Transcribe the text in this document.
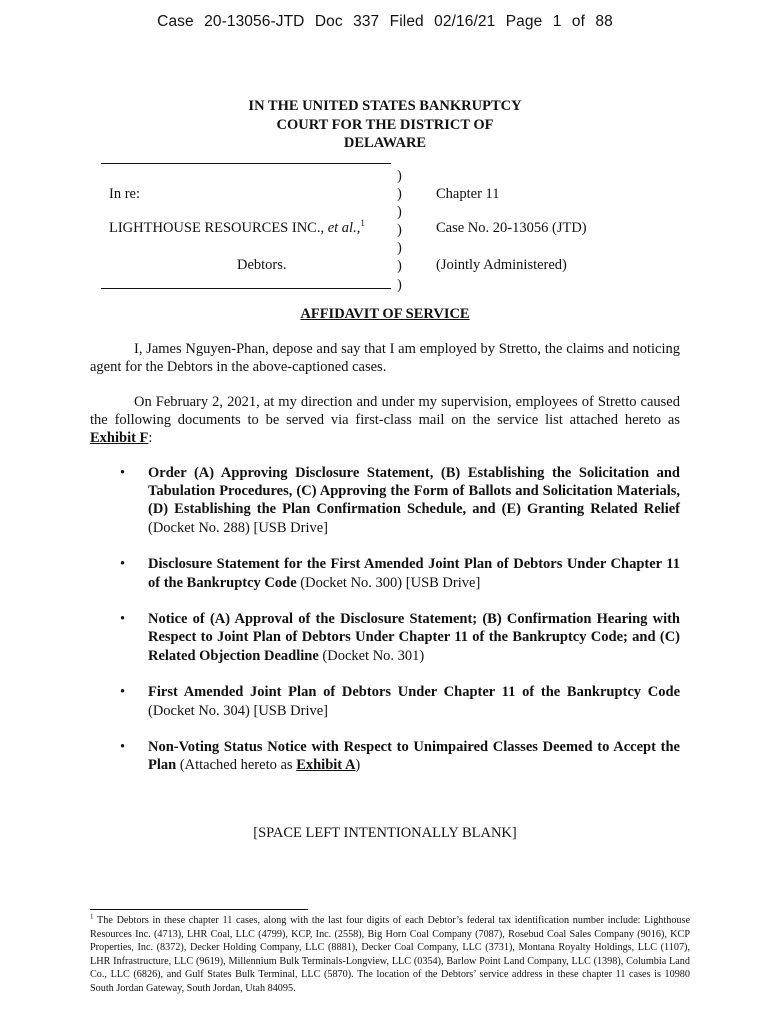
Case 20-13056-JTD Doc 337 Filed 02/16/21 Page 1 of 88
IN THE UNITED STATES BANKRUPTCY
COURT FOR THE DISTRICT OF
DELAWARE
)
)
)
)
)
)
)
In re:
LIGHTHOUSE RESOURCES INC., et al.,$^1$
Debtors.
Chapter 11
Case No. 20-13056 (JTD)
(Jointly Administered)
AFFIDAVIT OF SERVICE
I, James Nguyen-Phan, depose and say that I am employed by Stretto, the claims and noticing agent for the Debtors in the above-captioned cases.
On February 2, 2021, at my direction and under my supervision, employees of Stretto caused the following documents to be served via first-class mail on the service list attached hereto as Exhibit F:
• Order (A) Approving Disclosure Statement, (B) Establishing the Solicitation and Tabulation Procedures, (C) Approving the Form of Ballots and Solicitation Materials, (D) Establishing the Plan Confirmation Schedule, and (E) Granting Related Relief (Docket No. 288) [USB Drive]
• Disclosure Statement for the First Amended Joint Plan of Debtors Under Chapter 11 of the Bankruptcy Code (Docket No. 300) [USB Drive]
• Notice of (A) Approval of the Disclosure Statement; (B) Confirmation Hearing with Respect to Joint Plan of Debtors Under Chapter 11 of the Bankruptcy Code; and (C) Related Objection Deadline (Docket No. 301)
• First Amended Joint Plan of Debtors Under Chapter 11 of the Bankruptcy Code (Docket No. 304) [USB Drive]
• Non-Voting Status Notice with Respect to Unimpaired Classes Deemed to Accept the Plan (Attached hereto as Exhibit A)
[SPACE LEFT INTENTIONALLY BLANK]
$^1$ The Debtors in these chapter 11 cases, along with the last four digits of each Debtor’s federal tax identification number include: Lighthouse Resources Inc. (4713), LHR Coal, LLC (4799), KCP, Inc. (2558), Big Horn Coal Company (7087), Rosebud Coal Sales Company (9016), KCP Properties, Inc. (8372), Decker Holding Company, LLC (8881), Decker Coal Company, LLC (3731), Montana Royalty Holdings, LLC (1107), LHR Infrastructure, LLC (9619), Millennium Bulk Terminals-Longview, LLC (0354), Barlow Point Land Company, LLC (1398), Columbia Land Co., LLC (6826), and Gulf States Bulk Terminal, LLC (5870). The location of the Debtors’ service address in these chapter 11 cases is 10980 South Jordan Gateway, South Jordan, Utah 84095.
